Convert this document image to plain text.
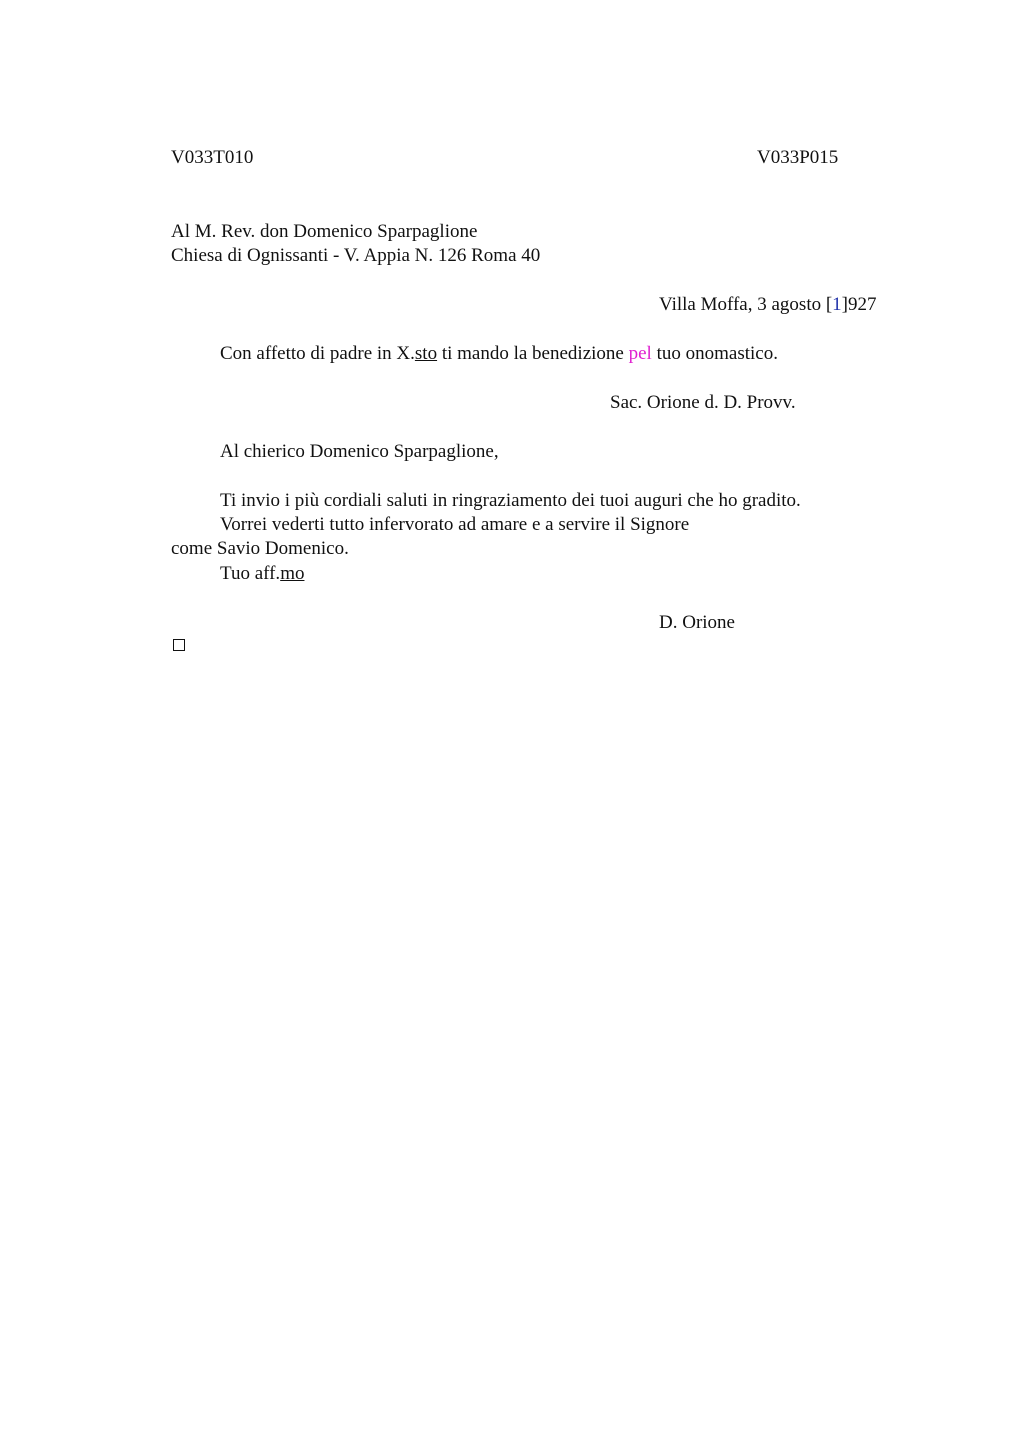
V033T010	V033P015
Al M. Rev. don Domenico Sparpaglione
Chiesa di Ognissanti - V. Appia N. 126 Roma 40
Villa Moffa, 3 agosto [1]927
Con affetto di padre in X.sto ti mando la benedizione pel tuo onomastico.
Sac. Orione d. D. Provv.
Al chierico Domenico Sparpaglione,
Ti invio i più cordiali saluti in ringraziamento dei tuoi auguri che ho gradito.
Vorrei vederti tutto infervorato ad amare e a servire il Signore
come Savio Domenico.
Tuo aff.mo
D. Orione
